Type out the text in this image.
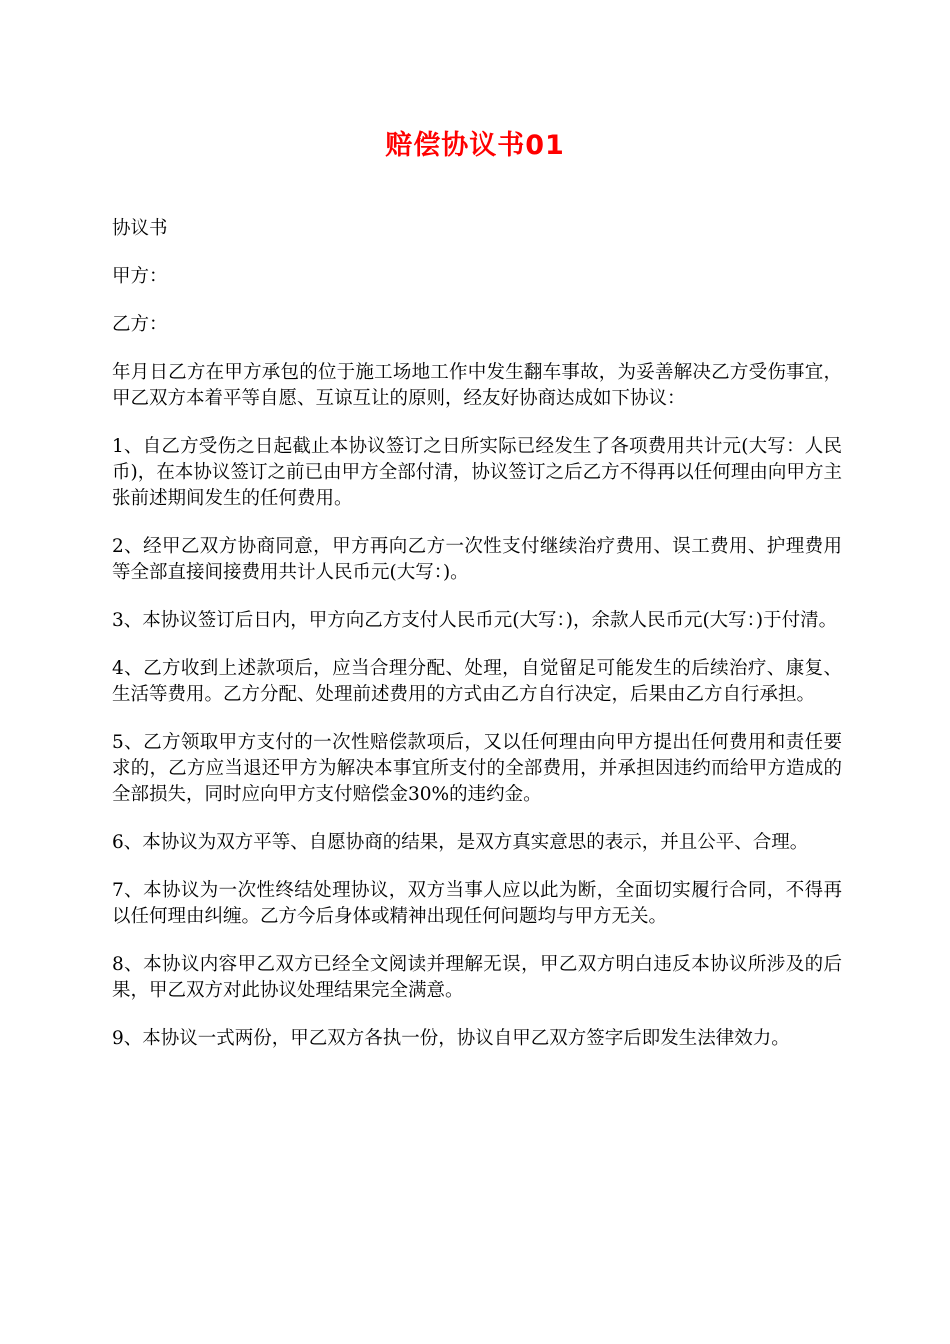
赔偿协议书01

协议书

甲方：

乙方：

年月日乙方在甲方承包的位于施工场地工作中发生翻车事故，为妥善解决乙方受伤事宜，甲乙双方本着平等自愿、互谅互让的原则，经友好协商达成如下协议：

1、自乙方受伤之日起截止本协议签订之日所实际已经发生了各项费用共计元(大写：人民币)，在本协议签订之前已由甲方全部付清，协议签订之后乙方不得再以任何理由向甲方主张前述期间发生的任何费用。

2、经甲乙双方协商同意，甲方再向乙方一次性支付继续治疗费用、误工费用、护理费用等全部直接间接费用共计人民币元(大写：)。

3、本协议签订后日内，甲方向乙方支付人民币元(大写：)，余款人民币元(大写：)于付清。

4、乙方收到上述款项后，应当合理分配、处理，自觉留足可能发生的后续治疗、康复、生活等费用。乙方分配、处理前述费用的方式由乙方自行决定，后果由乙方自行承担。

5、乙方领取甲方支付的一次性赔偿款项后，又以任何理由向甲方提出任何费用和责任要求的，乙方应当退还甲方为解决本事宜所支付的全部费用，并承担因违约而给甲方造成的全部损失，同时应向甲方支付赔偿金30%的违约金。

6、本协议为双方平等、自愿协商的结果，是双方真实意思的表示，并且公平、合理。

7、本协议为一次性终结处理协议，双方当事人应以此为断，全面切实履行合同，不得再以任何理由纠缠。乙方今后身体或精神出现任何问题均与甲方无关。

8、本协议内容甲乙双方已经全文阅读并理解无误，甲乙双方明白违反本协议所涉及的后果，甲乙双方对此协议处理结果完全满意。

9、本协议一式两份，甲乙双方各执一份，协议自甲乙双方签字后即发生法律效力。
